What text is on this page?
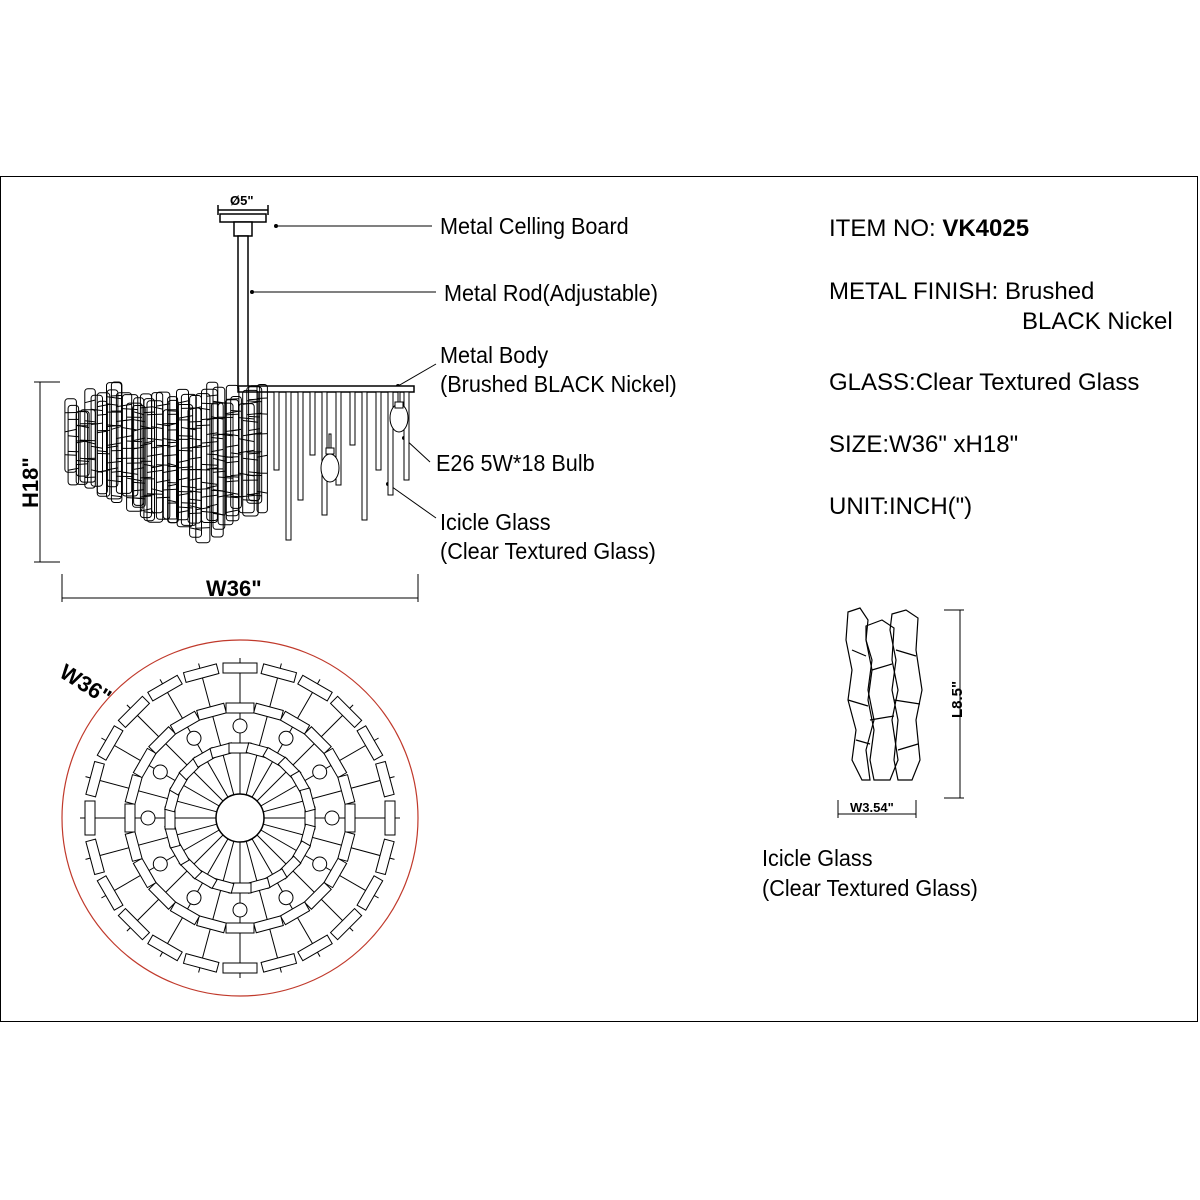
Ø5"
H18"
W36"
W36"	L8.5"
W3.54"
Metal Celling Board
Metal Rod(Adjustable)
Metal Body
(Brushed BLACK Nickel)
E26 5W*18 Bulb
Icicle Glass
(Clear Textured Glass)
ITEM NO: VK4025
METAL FINISH: Brushed
BLACK Nickel
GLASS:Clear Textured Glass
SIZE:W36" xH18"
UNIT:INCH(")
Icicle Glass
(Clear Textured Glass)
